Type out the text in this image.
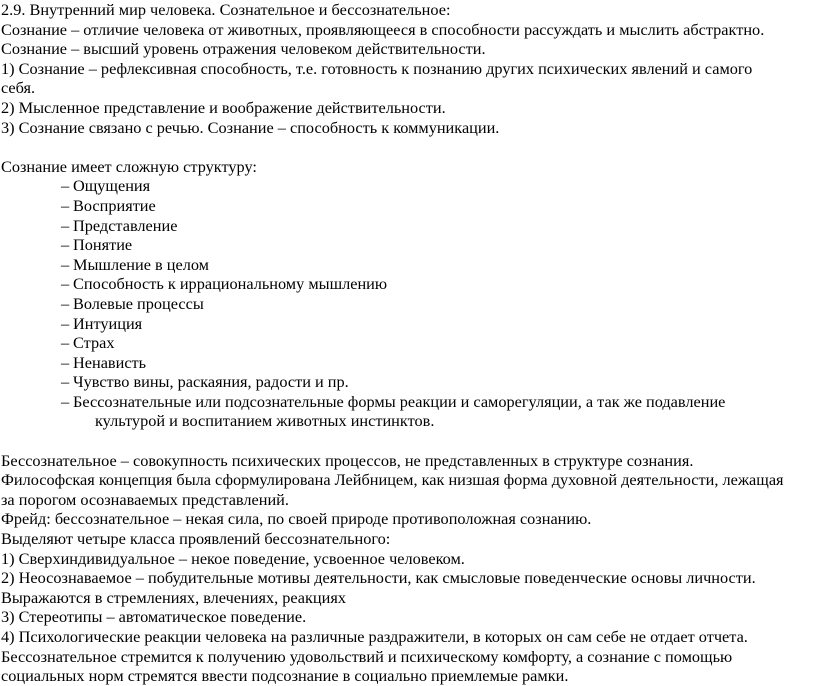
2.9. Внутренний мир человека. Сознательное и бессознательное:
Сознание – отличие человека от животных, проявляющееся в способности рассуждать и мыслить абстрактно.
Сознание – высший уровень отражения человеком действительности.
1) Сознание – рефлексивная способность, т.е. готовность к познанию других психических явлений и самого
себя.
2) Мысленное представление и воображение действительности.
3) Сознание связано с речью. Сознание – способность к коммуникации.
Сознание имеет сложную структуру:
– Ощущения
– Восприятие
– Представление
– Понятие
– Мышление в целом
– Способность к иррациональному мышлению
– Волевые процессы
– Интуиция
– Страх
– Ненависть
– Чувство вины, раскаяния, радости и пр.
– Бессознательные или подсознательные формы реакции и саморегуляции, а так же подавление
культурой и воспитанием животных инстинктов.
Бессознательное – совокупность психических процессов, не представленных в структуре сознания.
Философская концепция была сформулирована Лейбницем, как низшая форма духовной деятельности, лежащая
за порогом осознаваемых представлений.
Фрейд: бессознательное – некая сила, по своей природе противоположная сознанию.
Выделяют четыре класса проявлений бессознательного:
1) Сверхиндивидуальное – некое поведение, усвоенное человеком.
2) Неосознаваемое – побудительные мотивы деятельности, как смысловые поведенческие основы личности.
Выражаются в стремлениях, влечениях, реакциях
3) Стереотипы – автоматическое поведение.
4) Психологические реакции человека на различные раздражители, в которых он сам себе не отдает отчета.
Бессознательное стремится к получению удовольствий и психическому комфорту, а сознание с помощью
социальных норм стремятся ввести подсознание в социально приемлемые рамки.
